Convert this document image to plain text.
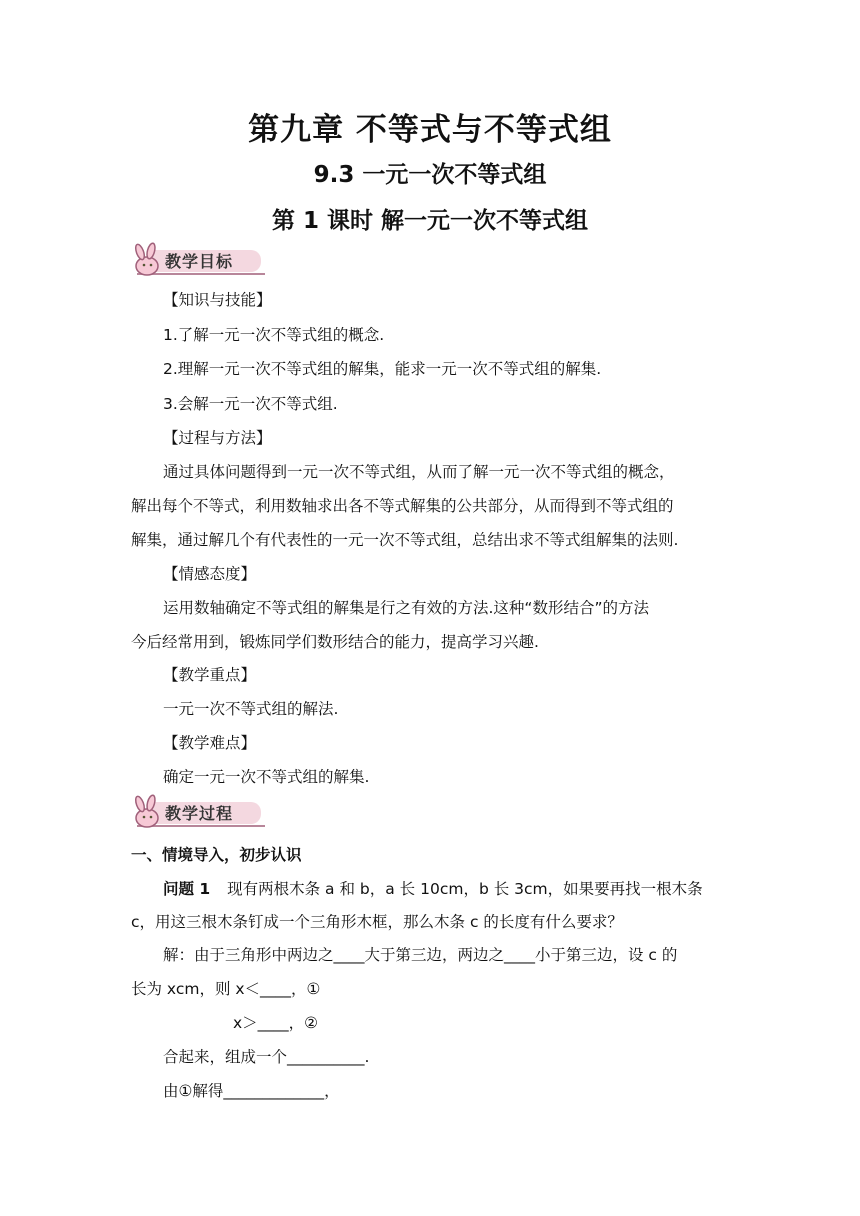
第九章 不等式与不等式组
9.3 一元一次不等式组
第 1 课时 解一元一次不等式组
教学目标
【知识与技能】
1.了解一元一次不等式组的概念.
2.理解一元一次不等式组的解集，能求一元一次不等式组的解集.
3.会解一元一次不等式组.
【过程与方法】
通过具体问题得到一元一次不等式组，从而了解一元一次不等式组的概念，
解出每个不等式，利用数轴求出各不等式解集的公共部分，从而得到不等式组的
解集，通过解几个有代表性的一元一次不等式组，总结出求不等式组解集的法则.
【情感态度】
运用数轴确定不等式组的解集是行之有效的方法.这种“数形结合”的方法
今后经常用到，锻炼同学们数形结合的能力，提高学习兴趣.
【教学重点】
一元一次不等式组的解法.
【教学难点】
确定一元一次不等式组的解集.
教学过程
一、情境导入，初步认识
问题 1 现有两根木条 a 和 b，a 长 10cm，b 长 3cm，如果要再找一根木条
c，用这三根木条钉成一个三角形木框，那么木条 c 的长度有什么要求？
解：由于三角形中两边之____大于第三边，两边之____小于第三边，设 c 的
长为 xcm，则 x＜____，①
x＞____，②
合起来，组成一个__________.
由①解得_____________，
